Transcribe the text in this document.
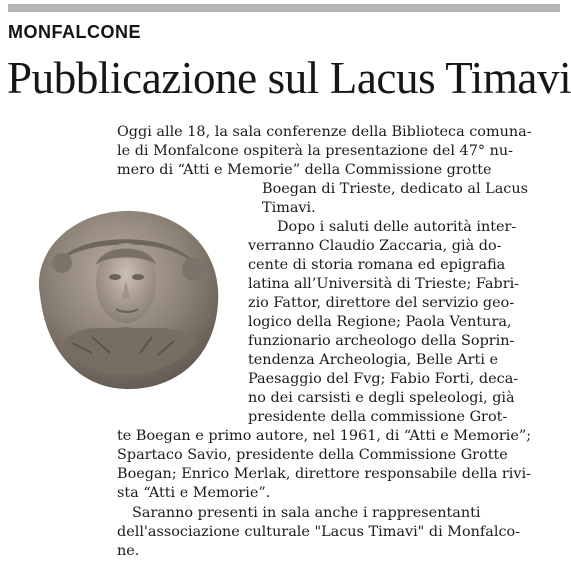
MONFALCONE
Pubblicazione sul Lacus Timavi
Oggi alle 18, la sala conferenze della Biblioteca comuna-
le di Monfalcone ospiterà la presentazione del 47° nu-
mero di “Atti e Memorie” della Commissione grotte
Boegan di Trieste, dedicato al Lacus
Timavi.
Dopo i saluti delle autorità inter-
verranno Claudio Zaccaria, già do-
cente di storia romana ed epigrafia
latina all’Università di Trieste; Fabri-
zio Fattor, direttore del servizio geo-
logico della Regione; Paola Ventura,
funzionario archeologo della Soprin-
tendenza Archeologia, Belle Arti e
Paesaggio del Fvg; Fabio Forti, deca-
no dei carsisti e degli speleologi, già
presidente della commissione Grot-
te Boegan e primo autore, nel 1961, di “Atti e Memorie”;
Spartaco Savio, presidente della Commissione Grotte
Boegan; Enrico Merlak, direttore responsabile della rivi-
sta “Atti e Memorie”.
Saranno presenti in sala anche i rappresentanti
dell'associazione culturale "Lacus Timavi" di Monfalco-
ne.
